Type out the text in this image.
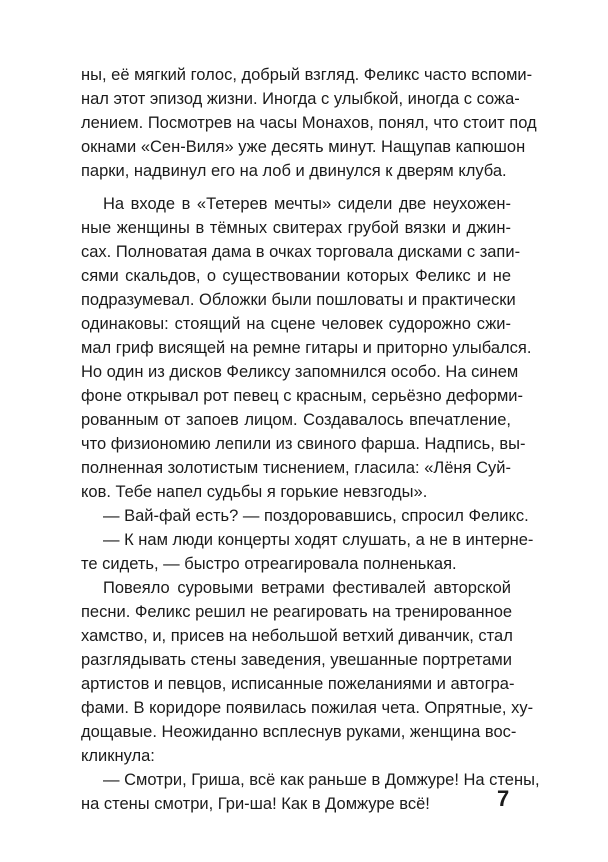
ны, её мягкий голос, добрый взгляд. Феликс часто вспоми-
нал этот эпизод жизни. Иногда с улыбкой, иногда с сожа-
лением. Посмотрев на часы Монахов, понял, что стоит под
окнами «Сен-Виля» уже десять минут. Нащупав капюшон
парки, надвинул его на лоб и двинулся к дверям клуба.
На входе в «Тетерев мечты» сидели две неухожен-
ные женщины в тёмных свитерах грубой вязки и джин-
сах. Полноватая дама в очках торговала дисками с запи-
сями скальдов, о существовании которых Феликс и не
подразумевал. Обложки были пошловаты и практически
одинаковы: стоящий на сцене человек судорожно сжи-
мал гриф висящей на ремне гитары и приторно улыбался.
Но один из дисков Феликсу запомнился особо. На синем
фоне открывал рот певец с красным, серьёзно деформи-
рованным от запоев лицом. Создавалось впечатление,
что физиономию лепили из свиного фарша. Надпись, вы-
полненная золотистым тиснением, гласила: «Лёня Суй-
ков. Тебе напел судьбы я горькие невзгоды».
— Вай-фай есть? — поздоровавшись, спросил Феликс.
— К нам люди концерты ходят слушать, а не в интернe-
те сидеть, — быстро отреагировала полненькая.
Повеяло суровыми ветрами фестивалей авторской
песни. Феликс решил не реагировать на тренированное
хамство, и, присев на небольшой ветхий диванчик, стал
разглядывать стены заведения, увешанные портретами
артистов и певцов, исписанные пожеланиями и автогра-
фами. В коридоре появилась пожилая чета. Опрятные, ху-
дощавые. Неожиданно всплеснув руками, женщина вос-
кликнула:
— Смотри, Гриша, всё как раньше в Домжуре! На стены,
на стены смотри, Гри-ша! Как в Домжуре всё!	7
